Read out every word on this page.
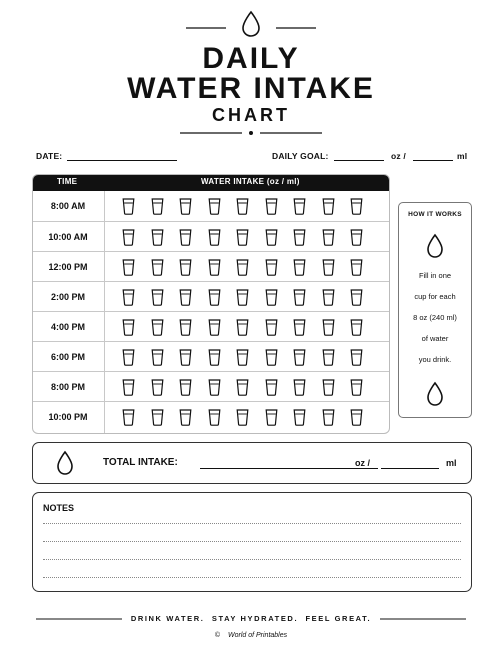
DAILY
WATER INTAKE
CHART
DATE:	DAILY GOAL:	oz /	ml
TIME	WATER INTAKE (oz / ml)
8:00 AM
10:00 AM
12:00 PM
2:00 PM
4:00 PM
6:00 PM
8:00 PM
10:00 PM
HOW IT WORKS
Fill in one
cup for each
8 oz (240 ml)
of water
you drink.
TOTAL INTAKE:	oz /	ml
NOTES
DRINK WATER.  STAY HYDRATED.  FEEL GREAT.
© World of Printables
